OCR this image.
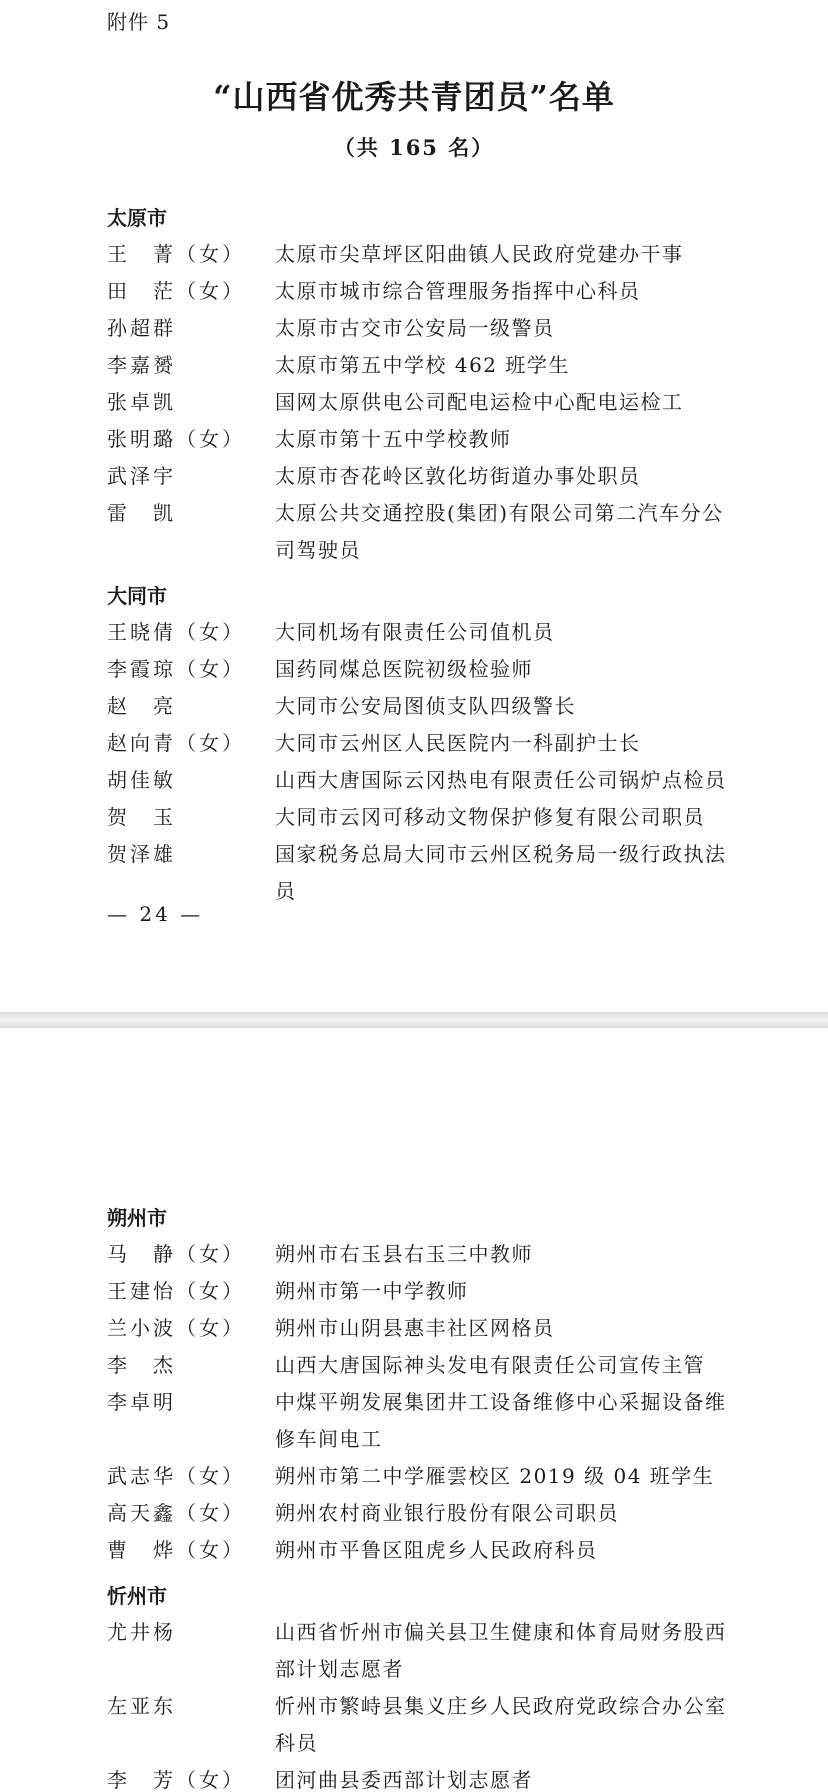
附件 5
“山西省优秀共青团员”名单
（共 165 名）
太原市
王　菁（女）	太原市尖草坪区阳曲镇人民政府党建办干事
田　茫（女）	太原市城市综合管理服务指挥中心科员
孙超群	太原市古交市公安局一级警员
李嘉赟	太原市第五中学校 462 班学生
张卓凯	国网太原供电公司配电运检中心配电运检工
张明璐（女）	太原市第十五中学校教师
武泽宇	太原市杏花岭区敦化坊街道办事处职员
雷　凯	太原公共交通控股(集团)有限公司第二汽车分公司驾驶员
大同市
王晓倩（女）	大同机场有限责任公司值机员
李霞琼（女）	国药同煤总医院初级检验师
赵　亮	大同市公安局图侦支队四级警长
赵向青（女）	大同市云州区人民医院内一科副护士长
胡佳敏	山西大唐国际云冈热电有限责任公司锅炉点检员
贺　玉	大同市云冈可移动文物保护修复有限公司职员
贺泽雄	国家税务总局大同市云州区税务局一级行政执法员
— 24 —
朔州市
马　静（女）	朔州市右玉县右玉三中教师
王建怡（女）	朔州市第一中学教师
兰小波（女）	朔州市山阴县惠丰社区网格员
李　杰	山西大唐国际神头发电有限责任公司宣传主管
李卓明	中煤平朔发展集团井工设备维修中心采掘设备维修车间电工
武志华（女）	朔州市第二中学雁雲校区 2019 级 04 班学生
高天鑫（女）	朔州农村商业银行股份有限公司职员
曹　烨（女）	朔州市平鲁区阻虎乡人民政府科员
忻州市
尤井杨	山西省忻州市偏关县卫生健康和体育局财务股西部计划志愿者
左亚东	忻州市繁峙县集义庄乡人民政府党政综合办公室科员
李　芳（女）	团河曲县委西部计划志愿者
